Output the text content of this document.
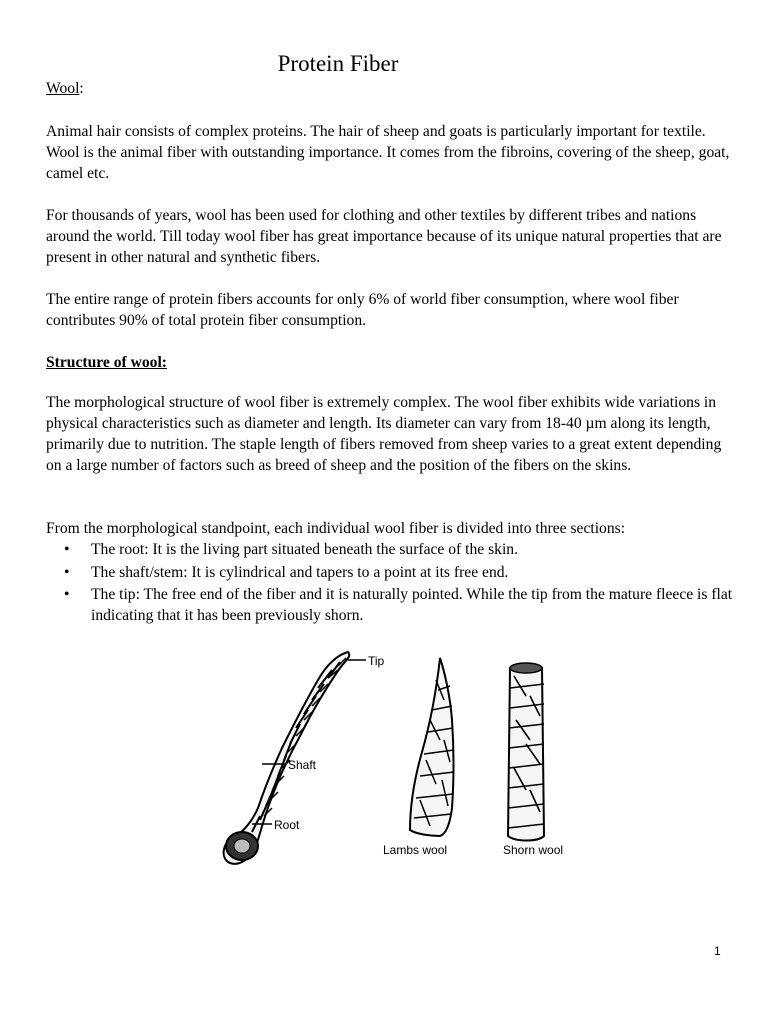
Protein Fiber
Wool:
Animal hair consists of complex proteins. The hair of sheep and goats is particularly important for textile. Wool is the animal fiber with outstanding importance. It comes from the fibroins, covering of the sheep, goat, camel etc.
For thousands of years, wool has been used for clothing and other textiles by different tribes and nations around the world. Till today wool fiber has great importance because of its unique natural properties that are present in other natural and synthetic fibers.
The entire range of protein fibers accounts for only 6% of world fiber consumption, where wool fiber contributes 90% of total protein fiber consumption.
Structure of wool:
The morphological structure of wool fiber is extremely complex. The wool fiber exhibits wide variations in physical characteristics such as diameter and length. Its diameter can vary from 18-40 µm along its length, primarily due to nutrition. The staple length of fibers removed from sheep varies to a great extent depending on a large number of factors such as breed of sheep and the position of the fibers on the skins.
From the morphological standpoint, each individual wool fiber is divided into three sections:
• The root: It is the living part situated beneath the surface of the skin.
• The shaft/stem: It is cylindrical and tapers to a point at its free end.
• The tip: The free end of the fiber and it is naturally pointed. While the tip from the mature fleece is flat indicating that it has been previously shorn.
Tip
Shaft
Root
Lambs wool	Shorn wool
1
